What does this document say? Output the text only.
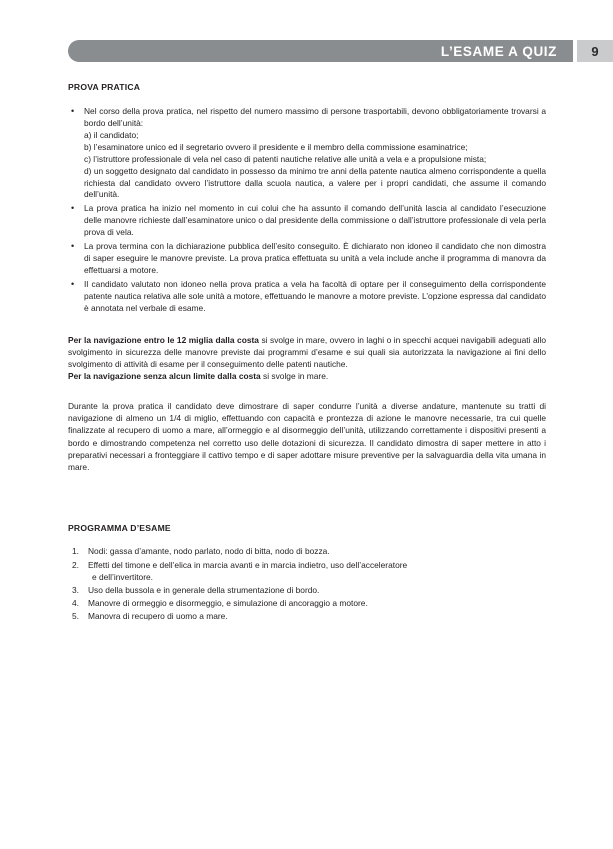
L’ESAME A QUIZ	9
PROVA PRATICA
• Nel corso della prova pratica, nel rispetto del numero massimo di persone trasportabili, devono obbligatoriamente trovarsi a bordo dell’unità:
a) il candidato;
b) l’esaminatore unico ed il segretario ovvero il presidente e il membro della commissione esaminatrice;
c) l’istruttore professionale di vela nel caso di patenti nautiche relative alle unità a vela e a propulsione mista;
d) un soggetto designato dal candidato in possesso da minimo tre anni della patente nautica almeno corrispondente a quella richiesta dal candidato ovvero l’istruttore dalla scuola nautica, a valere per i propri candidati, che assume il comando dell’unità.
• La prova pratica ha inizio nel momento in cui colui che ha assunto il comando dell’unità lascia al candidato l’esecuzione delle manovre richieste dall’esaminatore unico o dal presidente della commissione o dall’istruttore professionale di vela perla prova di vela.
• La prova termina con la dichiarazione pubblica dell’esito conseguito. È dichiarato non idoneo il candidato che non dimostra di saper eseguire le manovre previste. La prova pratica effettuata su unità a vela include anche il programma di manovra da effettuarsi a motore.
• Il candidato valutato non idoneo nella prova pratica a vela ha facoltà di optare per il conseguimento della corrispondente patente nautica relativa alle sole unità a motore, effettuando le manovre a motore previste. L’opzione espressa dal candidato è annotata nel verbale di esame.

Per la navigazione entro le 12 miglia dalla costa si svolge in mare, ovvero in laghi o in specchi acquei navigabili adeguati allo svolgimento in sicurezza delle manovre previste dai programmi d’esame e sui quali sia autorizzata la navigazione ai fini dello svolgimento di attività di esame per il conseguimento delle patenti nautiche.

Per la navigazione senza alcun limite dalla costa si svolge in mare.

Durante la prova pratica il candidato deve dimostrare di saper condurre l’unità a diverse andature, mantenute su tratti di navigazione di almeno un 1/4 di miglio, effettuando con capacità e prontezza di azione le manovre necessarie, tra cui quelle finalizzate al recupero di uomo a mare, all’ormeggio e al disormeggio dell’unità, utilizzando correttamente i dispositivi presenti a bordo e dimostrando competenza nel corretto uso delle dotazioni di sicurezza. Il candidato dimostra di saper mettere in atto i preparativi necessari a fronteggiare il cattivo tempo e di saper adottare misure preventive per la salvaguardia della vita umana in mare.

PROGRAMMA D’ESAME
Nodi: gassa d’amante, nodo parlato, nodo di bitta, nodo di bozza.
Effetti del timone e dell’elica in marcia avanti e in marcia indietro, uso dell’acceleratore
e dell’invertitore.
Uso della bussola e in generale della strumentazione di bordo.
Manovre di ormeggio e disormeggio, e simulazione di ancoraggio a motore.
Manovra di recupero di uomo a mare.
